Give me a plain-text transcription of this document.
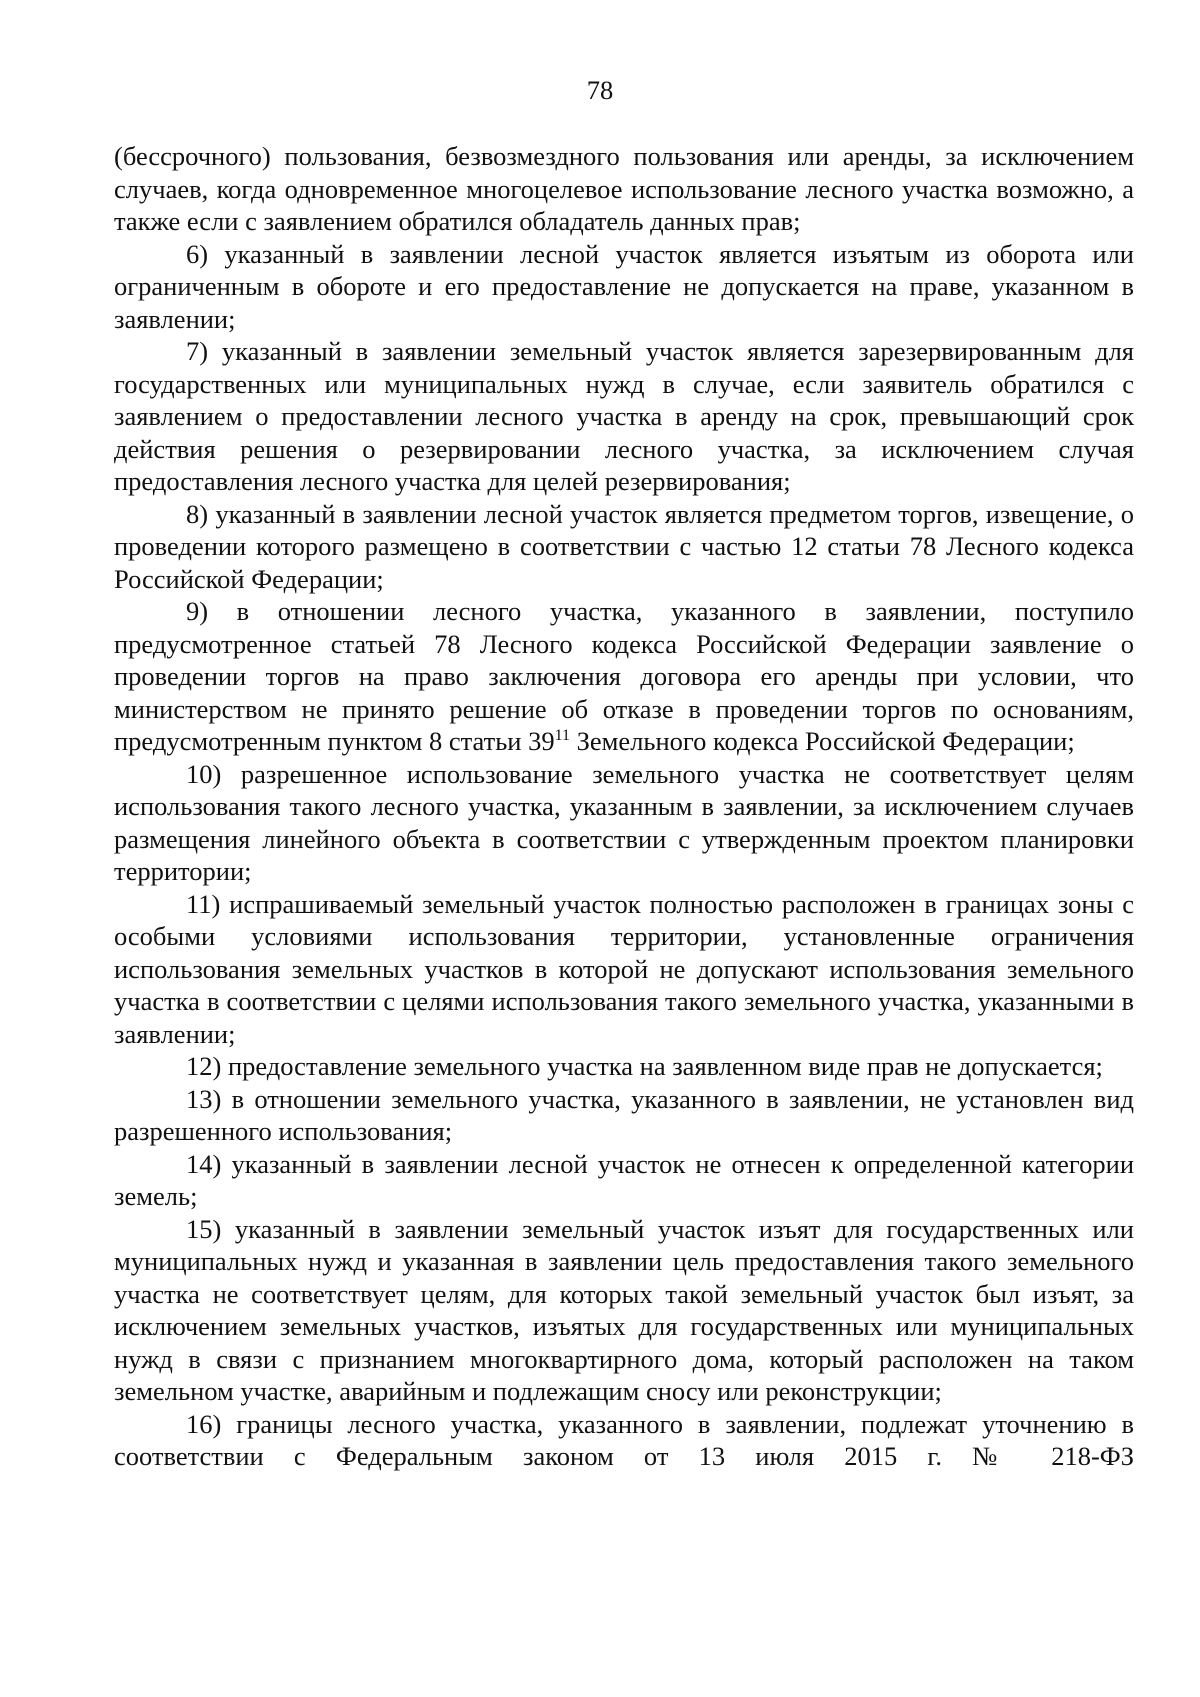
78

(бессрочного) пользования, безвозмездного пользования или аренды, за исключением случаев, когда одновременное многоцелевое использование лесного участка возможно, а также если с заявлением обратился обладатель данных прав;

6) указанный в заявлении лесной участок является изъятым из оборота или ограниченным в обороте и его предоставление не допускается на праве, указанном в заявлении;

7) указанный в заявлении земельный участок является зарезервированным для государственных или муниципальных нужд в случае, если заявитель обратился с заявлением о предоставлении лесного участка в аренду на срок, превышающий срок действия решения о резервировании лесного участка, за исключением случая предоставления лесного участка для целей резервирования;

8) указанный в заявлении лесной участок является предметом торгов, извещение, о проведении которого размещено в соответствии с частью 12 статьи 78 Лесного кодекса Российской Федерации;

9) в отношении лесного участка, указанного в заявлении, поступило предусмотренное статьей 78 Лесного кодекса Российской Федерации заявление о проведении торгов на право заключения договора его аренды при условии, что министерством не принято решение об отказе в проведении торгов по основаниям, предусмотренным пунктом 8 статьи $39^{11}$ Земельного кодекса Российской Федерации;

10) разрешенное использование земельного участка не соответствует целям использования такого лесного участка, указанным в заявлении, за исключением случаев размещения линейного объекта в соответствии с утвержденным проектом планировки территории;

11) испрашиваемый земельный участок полностью расположен в границах зоны с особыми условиями использования территории, установленные ограничения использования земельных участков в которой не допускают использования земельного участка в соответствии с целями использования такого земельного участка, указанными в заявлении;

12) предоставление земельного участка на заявленном виде прав не допускается;

13) в отношении земельного участка, указанного в заявлении, не установлен вид разрешенного использования;

14) указанный в заявлении лесной участок не отнесен к определенной категории земель;

15) указанный в заявлении земельный участок изъят для государственных или муниципальных нужд и указанная в заявлении цель предоставления такого земельного участка не соответствует целям, для которых такой земельный участок был изъят, за исключением земельных участков, изъятых для государственных или муниципальных нужд в связи с признанием многоквартирного дома, который расположен на таком земельном участке, аварийным и подлежащим сносу или реконструкции;

16) границы лесного участка, указанного в заявлении, подлежат уточнению в соответствии с Федеральным законом от 13 июля 2015 г. № 218-ФЗ
